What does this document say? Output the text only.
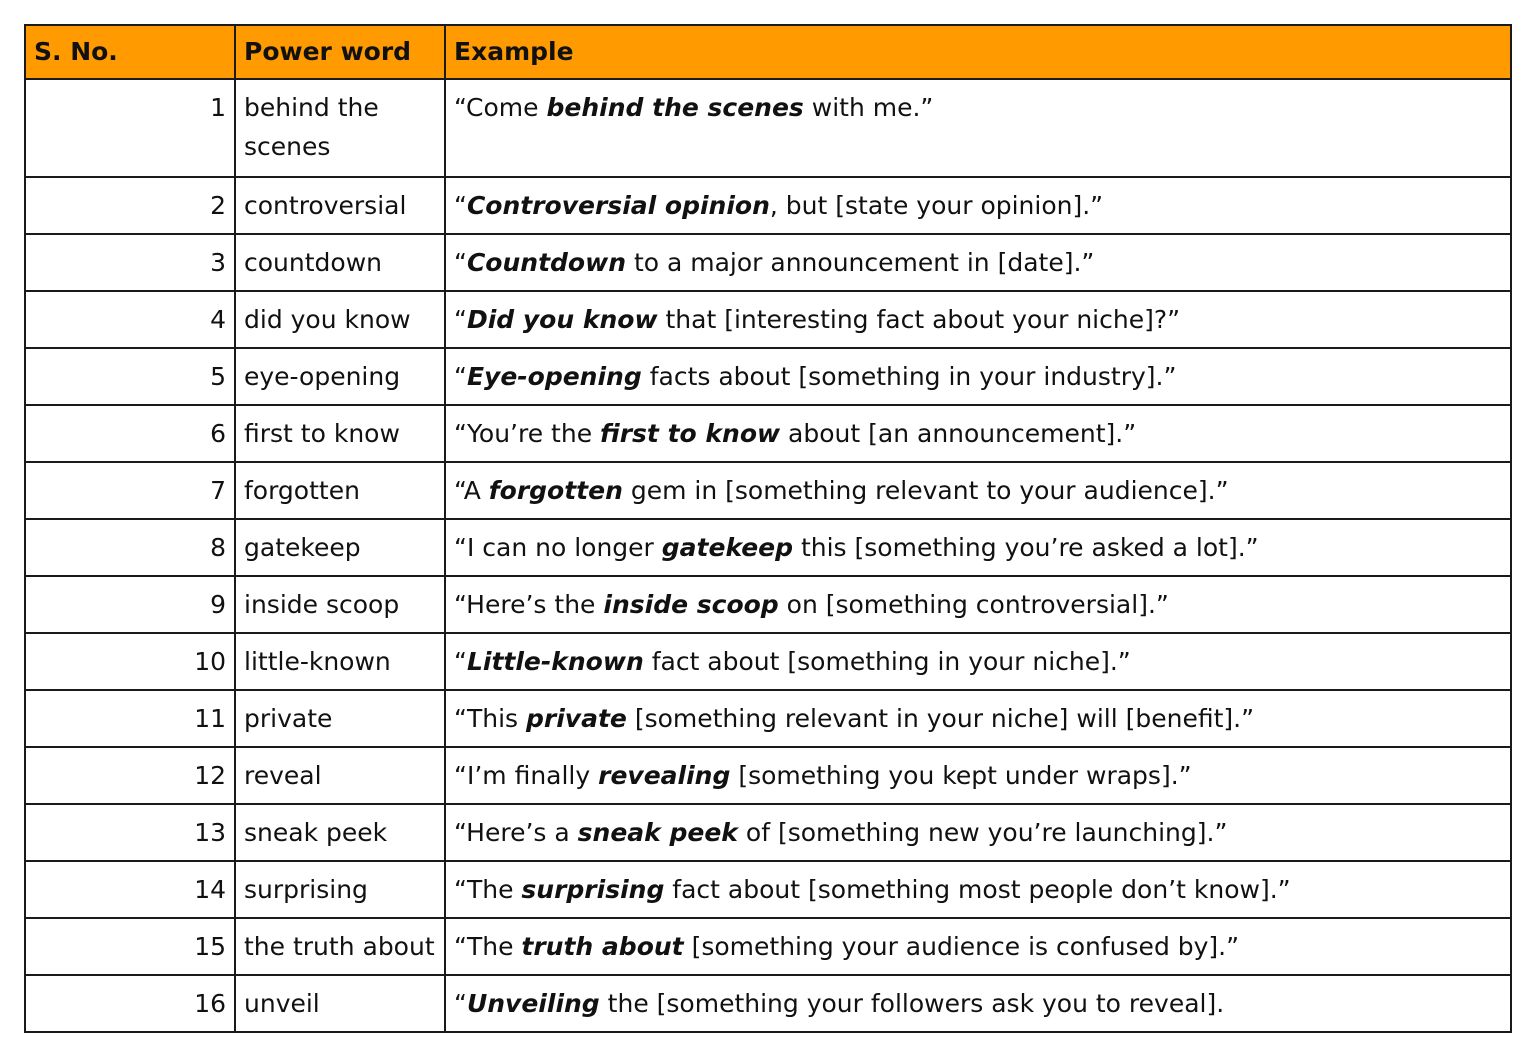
S. No.	Power word	Example
1	behind the scenes	“Come behind the scenes with me.”
2	controversial	“Controversial opinion, but [state your opinion].”
3	countdown	“Countdown to a major announcement in [date].”
4	did you know	“Did you know that [interesting fact about your niche]?”
5	eye-opening	“Eye-opening facts about [something in your industry].”
6	first to know	“You’re the first to know about [an announcement].”
7	forgotten	“A forgotten gem in [something relevant to your audience].”
8	gatekeep	“I can no longer gatekeep this [something you’re asked a lot].”
9	inside scoop	“Here’s the inside scoop on [something controversial].”
10	little-known	“Little-known fact about [something in your niche].”
11	private	“This private [something relevant in your niche] will [benefit].”
12	reveal	“I’m finally revealing [something you kept under wraps].”
13	sneak peek	“Here’s a sneak peek of [something new you’re launching].”
14	surprising	“The surprising fact about [something most people don’t know].”
15	the truth about	“The truth about [something your audience is confused by].”
16	unveil	“Unveiling the [something your followers ask you to reveal].
